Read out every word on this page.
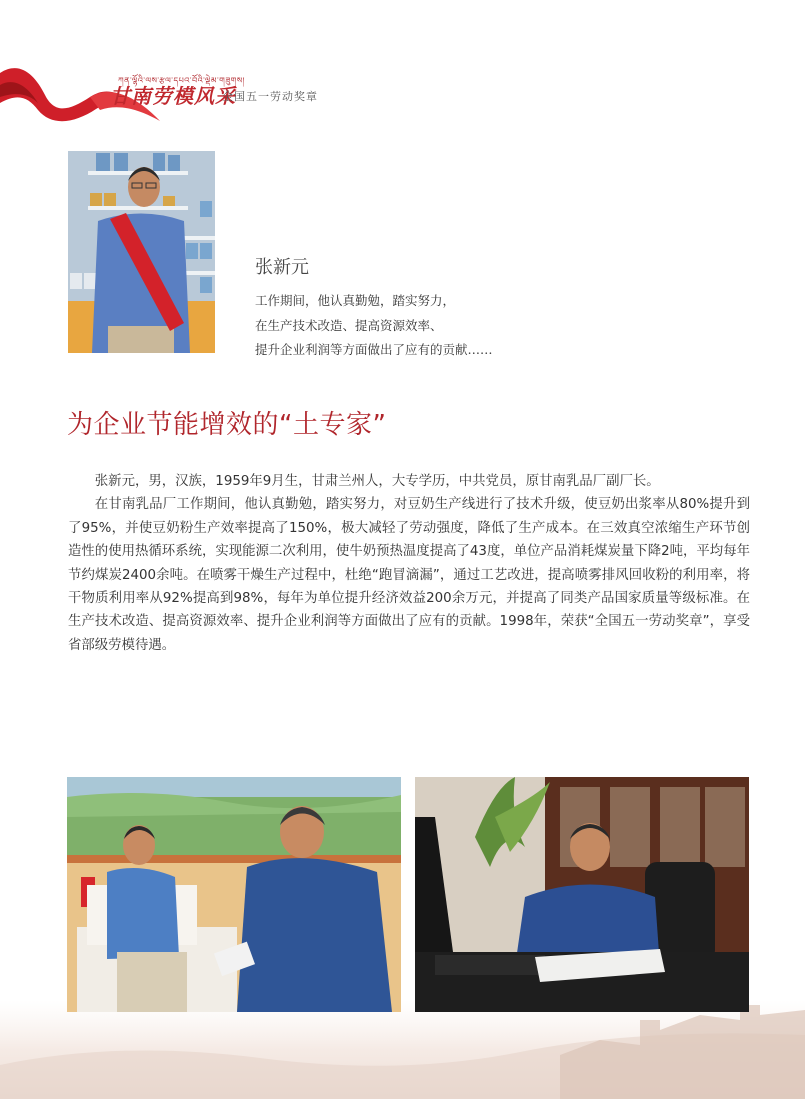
ཀན་ལྷོའི་ལས་རྩལ་དཔའ་བོའི་ལྡེམ་གཟུགས།
甘南劳模风采
全国五一劳动奖章
张新元
工作期间，他认真勤勉，踏实努力，
在生产技术改造、提高资源效率、
提升企业利润等方面做出了应有的贡献……
为企业节能增效的“土专家”

张新元，男，汉族，1959年9月生，甘肃兰州人，大专学历，中共党员，原甘南乳品厂副厂长。

在甘南乳品厂工作期间，他认真勤勉，踏实努力，对豆奶生产线进行了技术升级，使豆奶出浆率从80%提升到了95%，并使豆奶粉生产效率提高了150%，极大减轻了劳动强度，降低了生产成本。在三效真空浓缩生产环节创造性的使用热循环系统，实现能源二次利用，使牛奶预热温度提高了43度，单位产品消耗煤炭量下降2吨，平均每年节约煤炭2400余吨。在喷雾干燥生产过程中，杜绝“跑冒滴漏”，通过工艺改进，提高喷雾排风回收粉的利用率，将干物质利用率从92%提高到98%，每年为单位提升经济效益200余万元，并提高了同类产品国家质量等级标准。在生产技术改造、提高资源效率、提升企业利润等方面做出了应有的贡献。1998年，荣获“全国五一劳动奖章”，享受省部级劳模待遇。
